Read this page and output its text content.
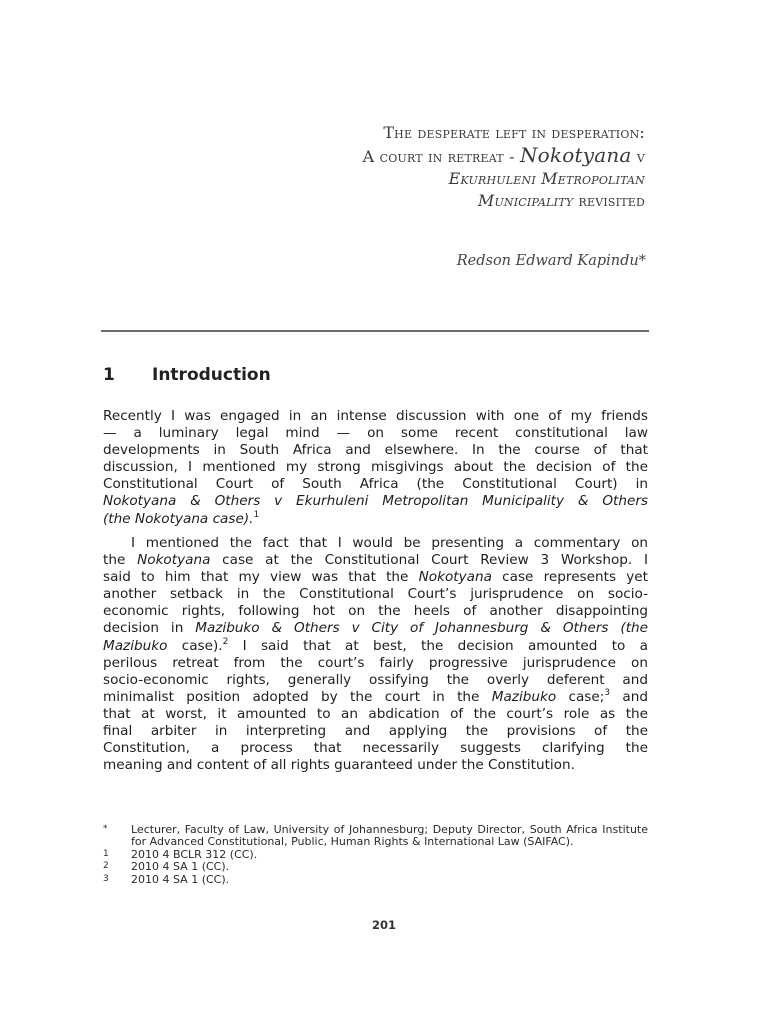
The desperate left in desperation:
A court in retreat - Nokotyana v
Ekurhuleni Metropolitan
Municipality revisited
Redson Edward Kapindu*
1 Introduction
Recently I was engaged in an intense discussion with one of my friends
— a luminary legal mind — on some recent constitutional law
developments in South Africa and elsewhere. In the course of that
discussion, I mentioned my strong misgivings about the decision of the
Constitutional Court of South Africa (the Constitutional Court) in
Nokotyana & Others v Ekurhuleni Metropolitan Municipality & Others
(the Nokotyana case).$^1$
I mentioned the fact that I would be presenting a commentary on
the Nokotyana case at the Constitutional Court Review 3 Workshop. I
said to him that my view was that the Nokotyana case represents yet
another setback in the Constitutional Court’s jurisprudence on socio-
economic rights, following hot on the heels of another disappointing
decision in Mazibuko & Others v City of Johannesburg & Others (the
Mazibuko case).$^2$ I said that at best, the decision amounted to a
perilous retreat from the court’s fairly progressive jurisprudence on
socio-economic rights, generally ossifying the overly deferent and
minimalist position adopted by the court in the Mazibuko case;$^3$ and
that at worst, it amounted to an abdication of the court’s role as the
final arbiter in interpreting and applying the provisions of the
Constitution, a process that necessarily suggests clarifying the
meaning and content of all rights guaranteed under the Constitution.
* Lecturer, Faculty of Law, University of Johannesburg; Deputy Director, South Africa Institute for Advanced Constitutional, Public, Human Rights & International Law (SAIFAC).
1 2010 4 BCLR 312 (CC).
2 2010 4 SA 1 (CC).
3 2010 4 SA 1 (CC).
201
